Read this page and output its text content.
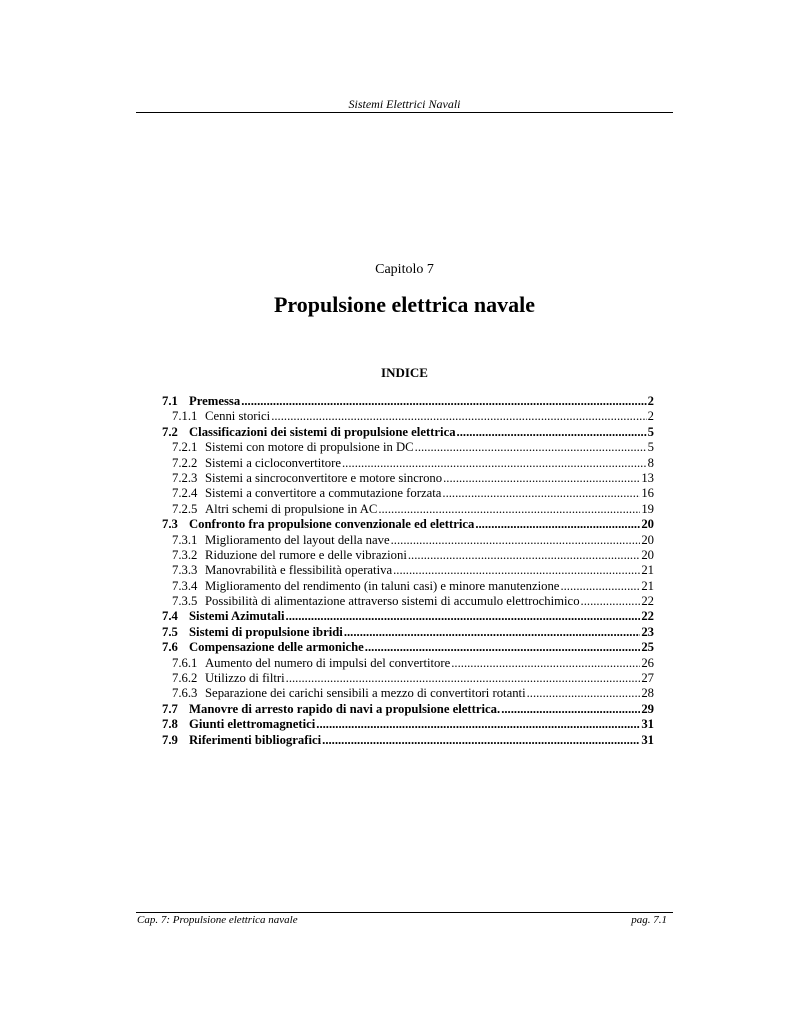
Sistemi Elettrici Navali
Capitolo 7
Propulsione elettrica navale
INDICE
7.1 Premessa .....	2
7.1.1 Cenni storici .....	2
7.2 Classificazioni dei sistemi di propulsione elettrica .....	5
7.2.1 Sistemi con motore di propulsione in DC .....	5
7.2.2 Sistemi a cicloconvertitore .....	8
7.2.3 Sistemi a sincroconvertitore e motore sincrono .....	13
7.2.4 Sistemi a convertitore a commutazione forzata .....	16
7.2.5 Altri schemi di propulsione in AC .....	19
7.3 Confronto fra propulsione convenzionale ed elettrica .....	20
7.3.1 Miglioramento del layout della nave .....	20
7.3.2 Riduzione del rumore e delle vibrazioni .....	20
7.3.3 Manovrabilità e flessibilità operativa .....	21
7.3.4 Miglioramento del rendimento (in taluni casi) e minore manutenzione .....	21
7.3.5 Possibilità di alimentazione attraverso sistemi di accumulo elettrochimico .....	22
7.4 Sistemi Azimutali .....	22
7.5 Sistemi di propulsione ibridi .....	23
7.6 Compensazione delle armoniche .....	25
7.6.1 Aumento del numero di impulsi del convertitore .....	26
7.6.2 Utilizzo di filtri .....	27
7.6.3 Separazione dei carichi sensibili a mezzo di convertitori rotanti .....	28
7.7 Manovre di arresto rapido di navi a propulsione elettrica. .....	29
7.8 Giunti elettromagnetici .....	31
7.9 Riferimenti bibliografici .....	31
Cap. 7: Propulsione elettrica navale	pag. 7.1
